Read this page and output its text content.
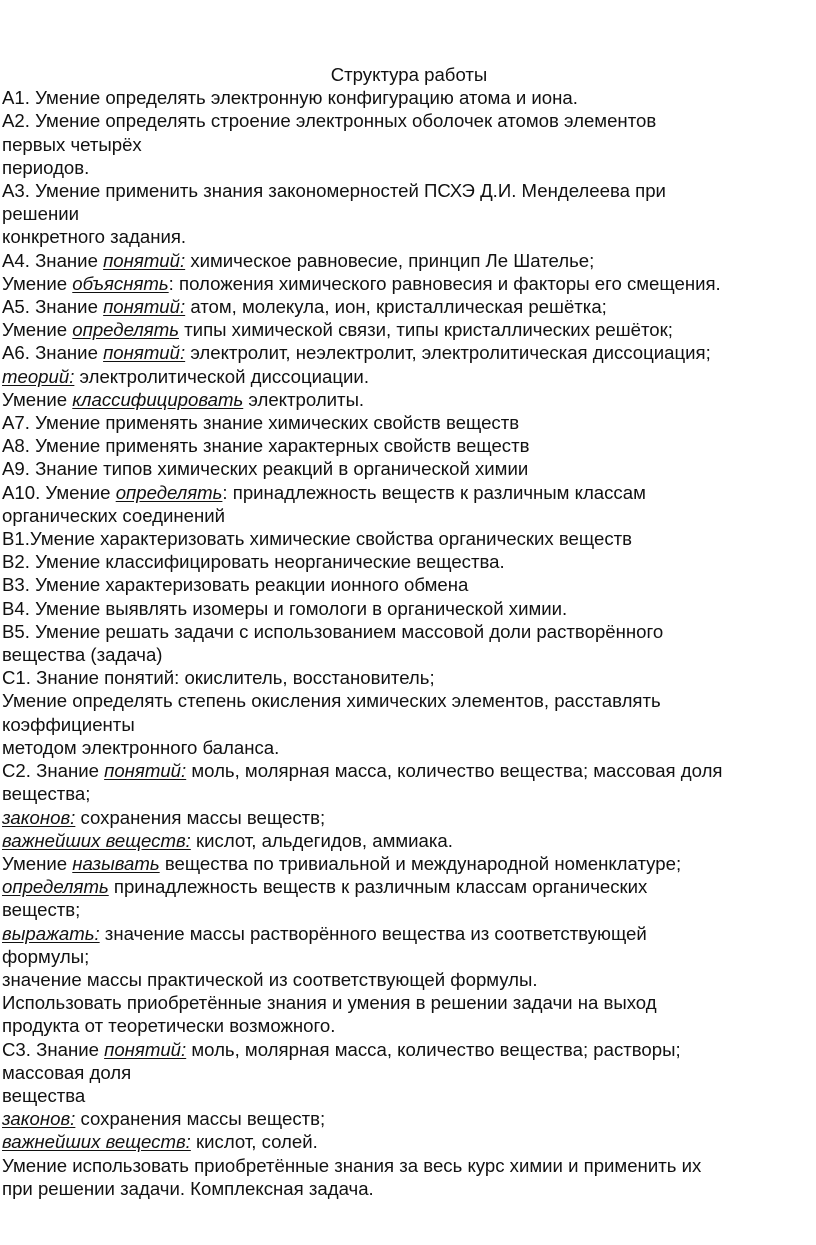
Структура работы
А1. Умение определять электронную конфигурацию атома и иона.
А2. Умение определять строение электронных оболочек атомов элементов
первых четырёх
периодов.
А3. Умение применить знания закономерностей ПСХЭ Д.И. Менделеева при
решении
конкретного задания.
А4. Знание понятий: химическое равновесие, принцип Ле Шателье;
Умение объяснять: положения химического равновесия и факторы его смещения.
А5. Знание понятий: атом, молекула, ион, кристаллическая решётка;
Умение определять типы химической связи, типы кристаллических решёток;
А6. Знание понятий: электролит, неэлектролит, электролитическая диссоциация;
теорий: электролитической диссоциации.
Умение классифицировать электролиты.
А7. Умение применять знание химических свойств веществ
А8. Умение применять знание характерных свойств веществ
А9. Знание типов химических реакций в органической химии
А10. Умение определять: принадлежность веществ к различным классам
органических соединений
В1.Умение характеризовать химические свойства органических веществ
В2. Умение классифицировать неорганические вещества.
В3. Умение характеризовать реакции ионного обмена
В4. Умение выявлять изомеры и гомологи в органической химии.
В5. Умение решать задачи с использованием массовой доли растворённого
вещества (задача)
С1. Знание понятий: окислитель, восстановитель;
Умение определять степень окисления химических элементов, расставлять
коэффициенты
методом электронного баланса.
С2. Знание понятий: моль, молярная масса, количество вещества; массовая доля
вещества;
законов: сохранения массы веществ;
важнейших веществ: кислот, альдегидов, аммиака.
Умение называть вещества по тривиальной и международной номенклатуре;
определять принадлежность веществ к различным классам органических
веществ;
выражать: значение массы растворённого вещества из соответствующей
формулы;
значение массы практической из соответствующей формулы.
Использовать приобретённые знания и умения в решении задачи на выход
продукта от теоретически возможного.
С3. Знание понятий: моль, молярная масса, количество вещества; растворы;
массовая доля
вещества
законов: сохранения массы веществ;
важнейших веществ: кислот, солей.
Умение использовать приобретённые знания за весь курс химии и применить их
при решении задачи. Комплексная задача.
